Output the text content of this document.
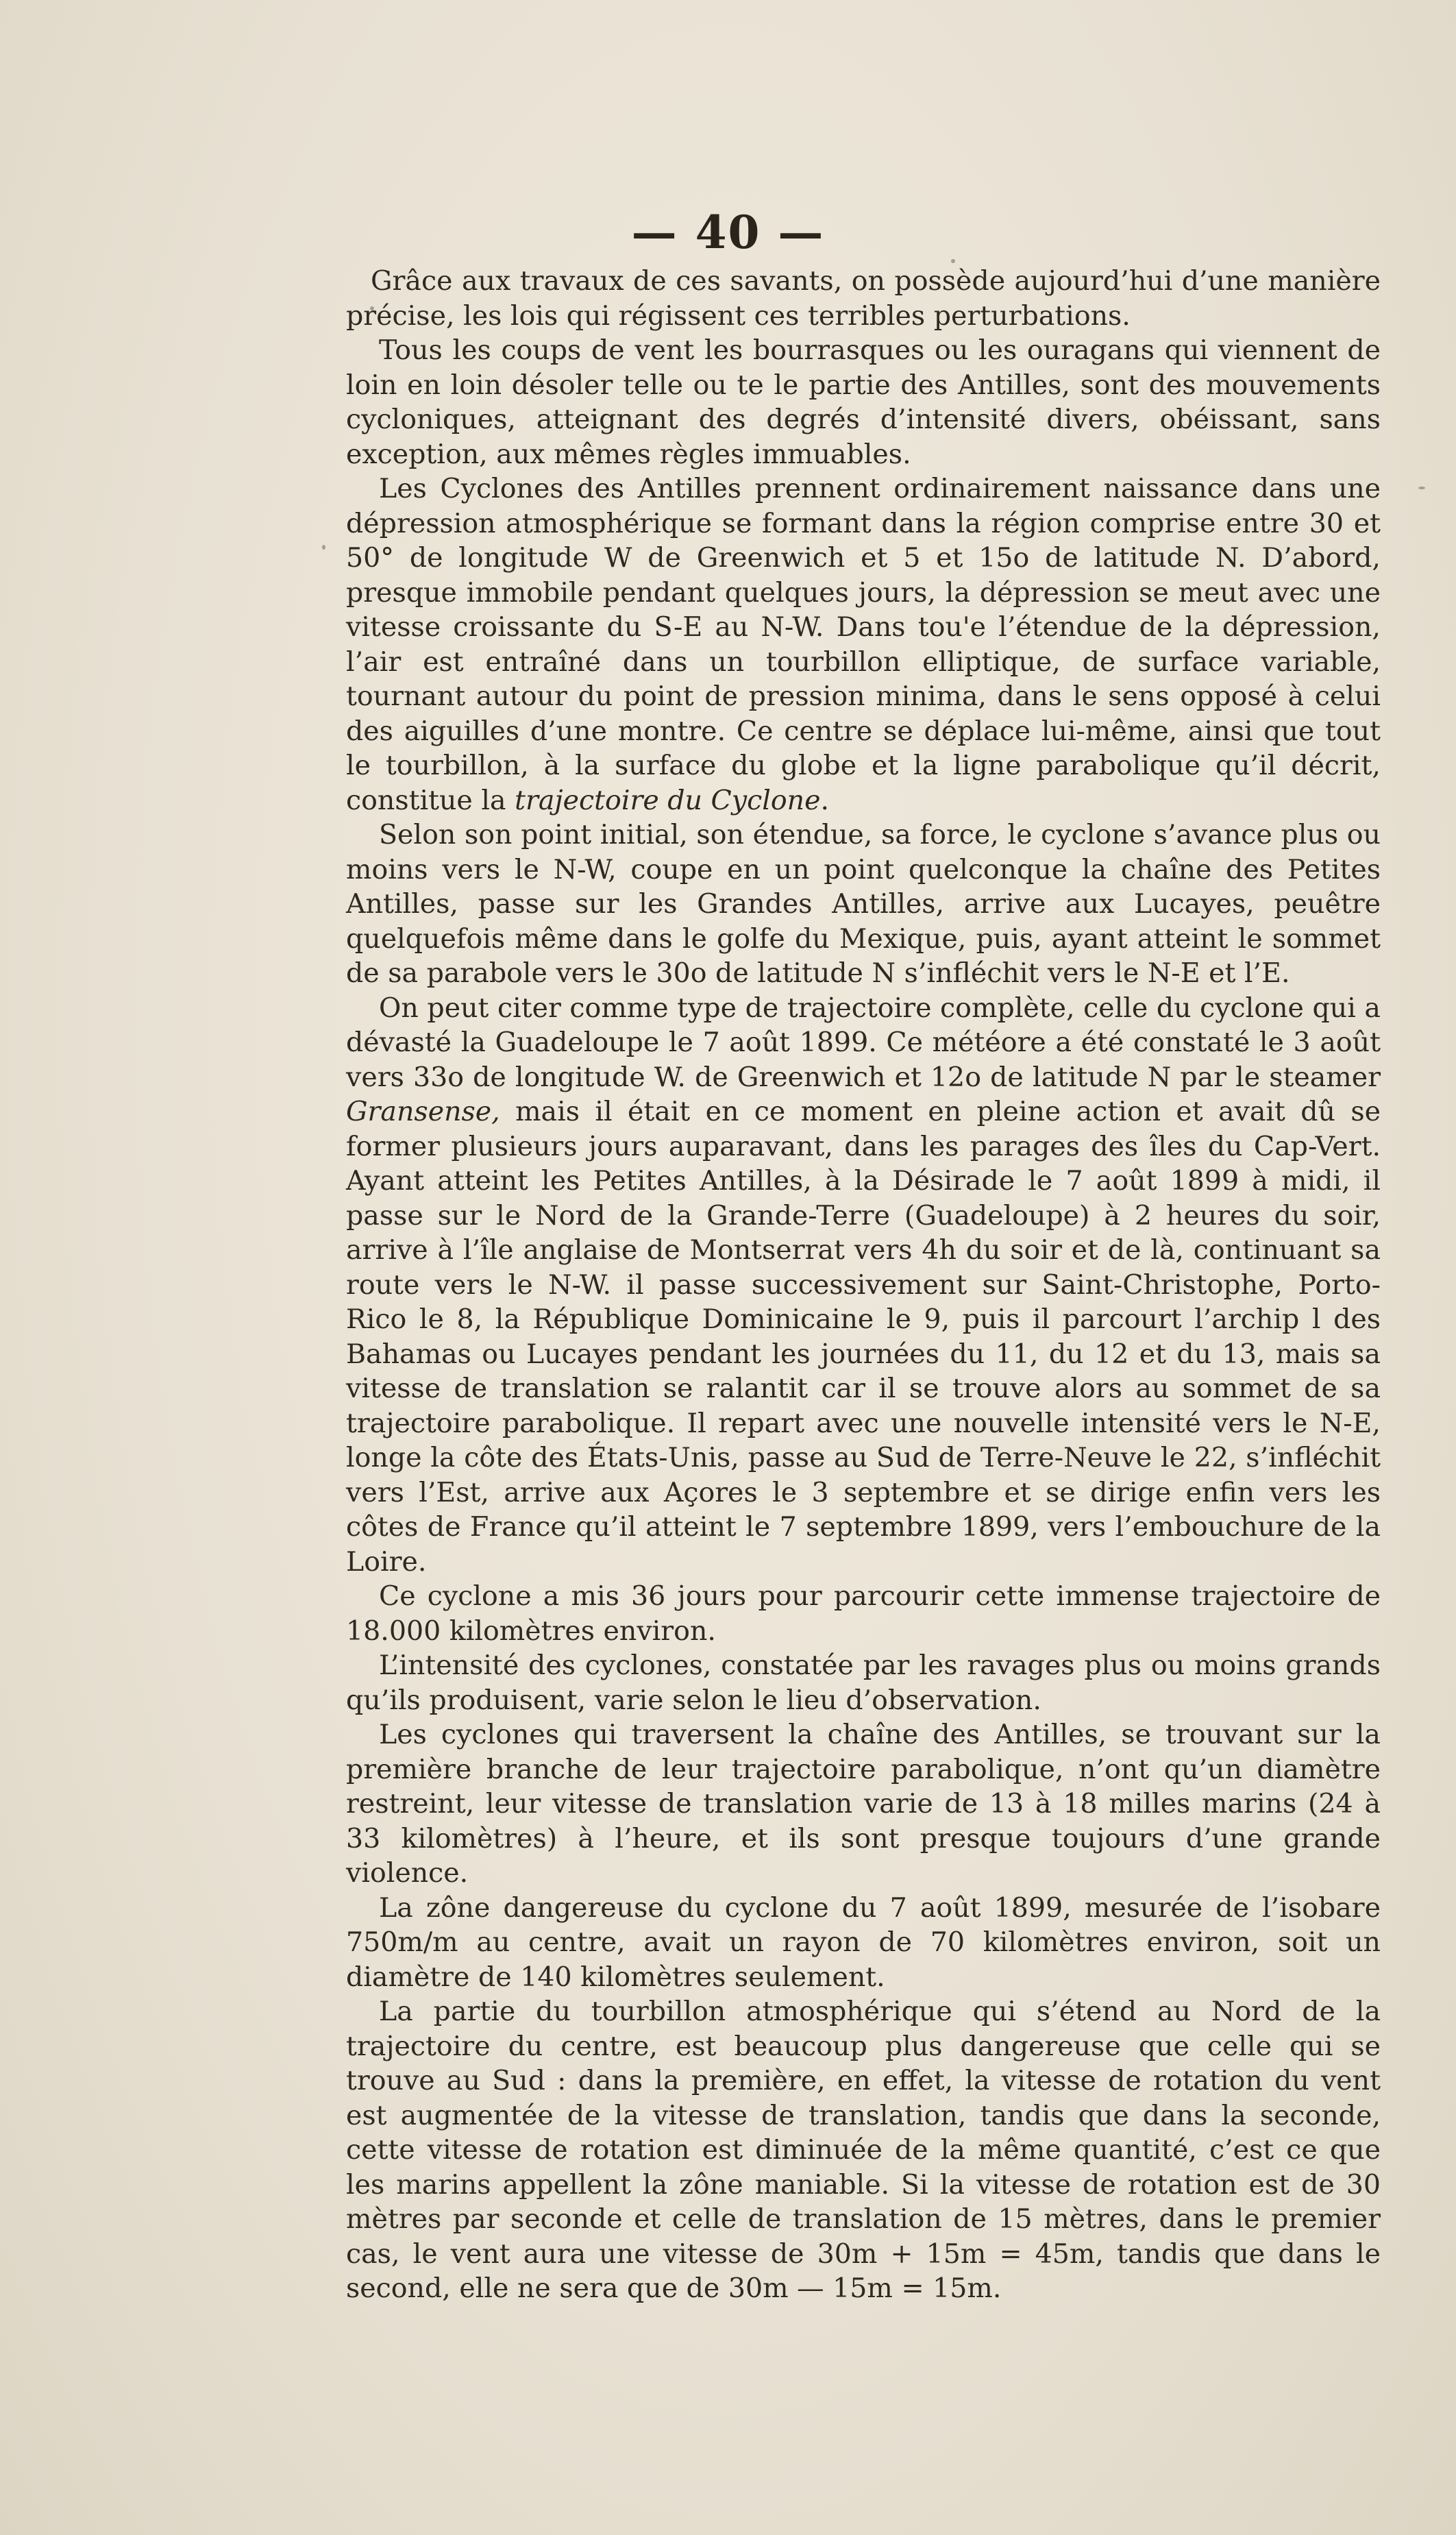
— 40 —

Grâce aux travaux de ces savants, on possède aujourd’hui d’une manière précise, les lois qui régissent ces terribles perturbations.

Tous les coups de vent les bourrasques ou les ouragans qui viennent de loin en loin désoler telle ou te le partie des Antilles, sont des mouvements cycloniques, atteignant des degrés d’intensité divers, obéissant, sans exception, aux mêmes règles immuables.

Les Cyclones des Antilles prennent ordinairement naissance dans une dépression atmosphérique se formant dans la région comprise entre 30 et 50° de longitude W de Greenwich et 5 et 15o de latitude N. D’abord, presque immobile pendant quelques jours, la dépression se meut avec une vitesse croissante du S-E au N-W. Dans tou'e l’étendue de la dépression, l’air est entraîné dans un tourbillon elliptique, de surface variable, tournant autour du point de pression minima, dans le sens opposé à celui des aiguilles d’une montre. Ce centre se déplace lui-même, ainsi que tout le tourbillon, à la surface du globe et la ligne parabolique qu’il décrit, constitue la trajectoire du Cyclone.

Selon son point initial, son étendue, sa force, le cyclone s’avance plus ou moins vers le N-W, coupe en un point quelconque la chaîne des Petites Antilles, passe sur les Grandes Antilles, arrive aux Lucayes, peuêtre quelquefois même dans le golfe du Mexique, puis, ayant atteint le sommet de sa parabole vers le 30o de latitude N s’infléchit vers le N-E et l’E.

On peut citer comme type de trajectoire complète, celle du cyclone qui a dévasté la Guadeloupe le 7 août 1899. Ce météore a été constaté le 3 août vers 33o de longitude W. de Greenwich et 12o de latitude N par le steamer Gransense, mais il était en ce moment en pleine action et avait dû se former plusieurs jours auparavant, dans les parages des îles du Cap-Vert. Ayant atteint les Petites Antilles, à la Désirade le 7 août 1899 à midi, il passe sur le Nord de la Grande-Terre (Guadeloupe) à 2 heures du soir, arrive à l’île anglaise de Montserrat vers 4h du soir et de là, continuant sa route vers le N-W. il passe successivement sur Saint-Christophe, Porto-Rico le 8, la République Dominicaine le 9, puis il parcourt l’archip l des Bahamas ou Lucayes pendant les journées du 11, du 12 et du 13, mais sa vitesse de translation se ralantit car il se trouve alors au sommet de sa trajectoire parabolique. Il repart avec une nouvelle intensité vers le N-E, longe la côte des États-Unis, passe au Sud de Terre-Neuve le 22, s’infléchit vers l’Est, arrive aux Açores le 3 septembre et se dirige enfin vers les côtes de France qu’il atteint le 7 septembre 1899, vers l’embouchure de la Loire.

Ce cyclone a mis 36 jours pour parcourir cette immense trajectoire de 18.000 kilomètres environ.

L’intensité des cyclones, constatée par les ravages plus ou moins grands qu’ils produisent, varie selon le lieu d’observation.

Les cyclones qui traversent la chaîne des Antilles, se trouvant sur la première branche de leur trajectoire parabolique, n’ont qu’un diamètre restreint, leur vitesse de translation varie de 13 à 18 milles marins (24 à 33 kilomètres) à l’heure, et ils sont presque toujours d’une grande violence.

La zône dangereuse du cyclone du 7 août 1899, mesurée de l’isobare 750m/m au centre, avait un rayon de 70 kilomètres environ, soit un diamètre de 140 kilomètres seulement.

La partie du tourbillon atmosphérique qui s’étend au Nord de la trajectoire du centre, est beaucoup plus dangereuse que celle qui se trouve au Sud : dans la première, en effet, la vitesse de rotation du vent est augmentée de la vitesse de translation, tandis que dans la seconde, cette vitesse de rotation est diminuée de la même quantité, c’est ce que les marins appellent la zône maniable. Si la vitesse de rotation est de 30 mètres par seconde et celle de translation de 15 mètres, dans le premier cas, le vent aura une vitesse de 30m + 15m = 45m, tandis que dans le second, elle ne sera que de 30m — 15m = 15m.
